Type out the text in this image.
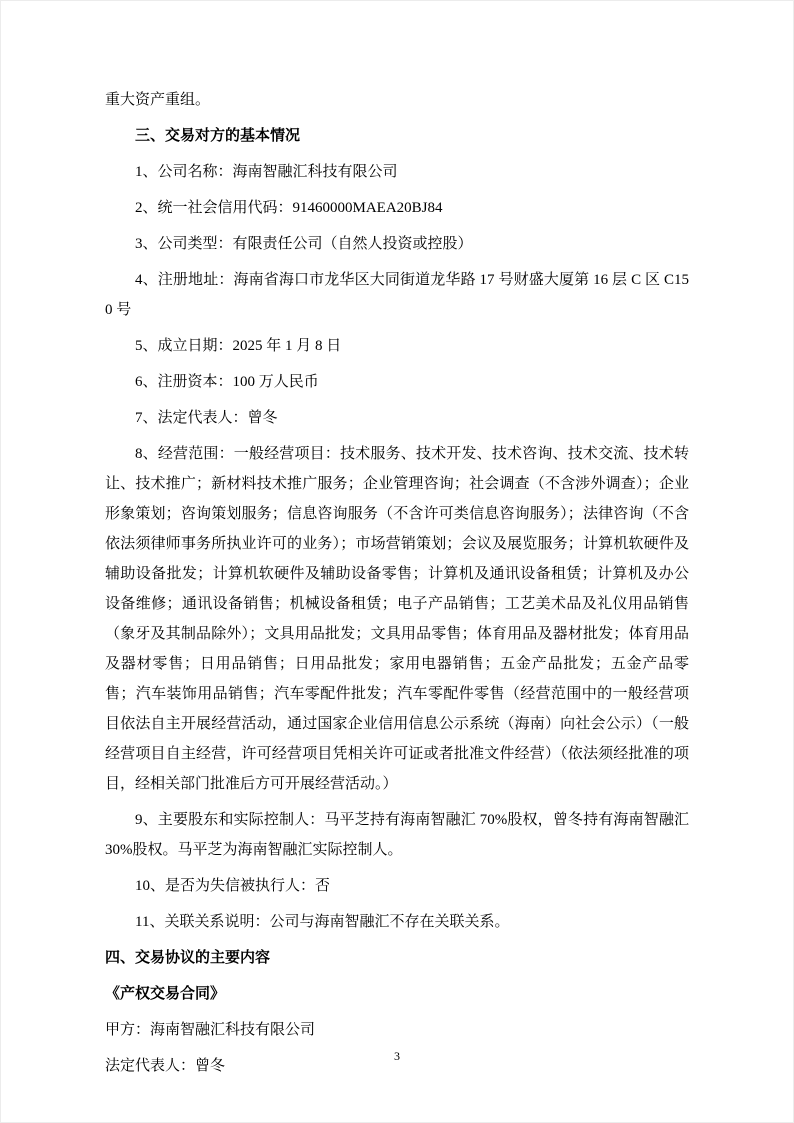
重大资产重组。

三、交易对方的基本情况

1、公司名称：海南智融汇科技有限公司

2、统一社会信用代码：91460000MAEA20BJ84

3、公司类型：有限责任公司（自然人投资或控股）

4、注册地址：海南省海口市龙华区大同街道龙华路 17 号财盛大厦第 16 层 C 区 C150 号

5、成立日期：2025 年 1 月 8 日

6、注册资本：100 万人民币

7、法定代表人：曾冬

8、经营范围：一般经营项目：技术服务、技术开发、技术咨询、技术交流、技术转让、技术推广；新材料技术推广服务；企业管理咨询；社会调查（不含涉外调查）；企业形象策划；咨询策划服务；信息咨询服务（不含许可类信息咨询服务）；法律咨询（不含依法须律师事务所执业许可的业务）；市场营销策划；会议及展览服务；计算机软硬件及辅助设备批发；计算机软硬件及辅助设备零售；计算机及通讯设备租赁；计算机及办公设备维修；通讯设备销售；机械设备租赁；电子产品销售；工艺美术品及礼仪用品销售（象牙及其制品除外）；文具用品批发；文具用品零售；体育用品及器材批发；体育用品及器材零售；日用品销售；日用品批发；家用电器销售；五金产品批发；五金产品零售；汽车装饰用品销售；汽车零配件批发；汽车零配件零售（经营范围中的一般经营项目依法自主开展经营活动，通过国家企业信用信息公示系统（海南）向社会公示）（一般经营项目自主经营，许可经营项目凭相关许可证或者批准文件经营）（依法须经批准的项目，经相关部门批准后方可开展经营活动。）

9、主要股东和实际控制人：马平芝持有海南智融汇 70%股权，曾冬持有海南智融汇 30%股权。马平芝为海南智融汇实际控制人。

10、是否为失信被执行人：否

11、关联关系说明：公司与海南智融汇不存在关联关系。

四、交易协议的主要内容

《产权交易合同》

甲方：海南智融汇科技有限公司

法定代表人：曾冬

3
